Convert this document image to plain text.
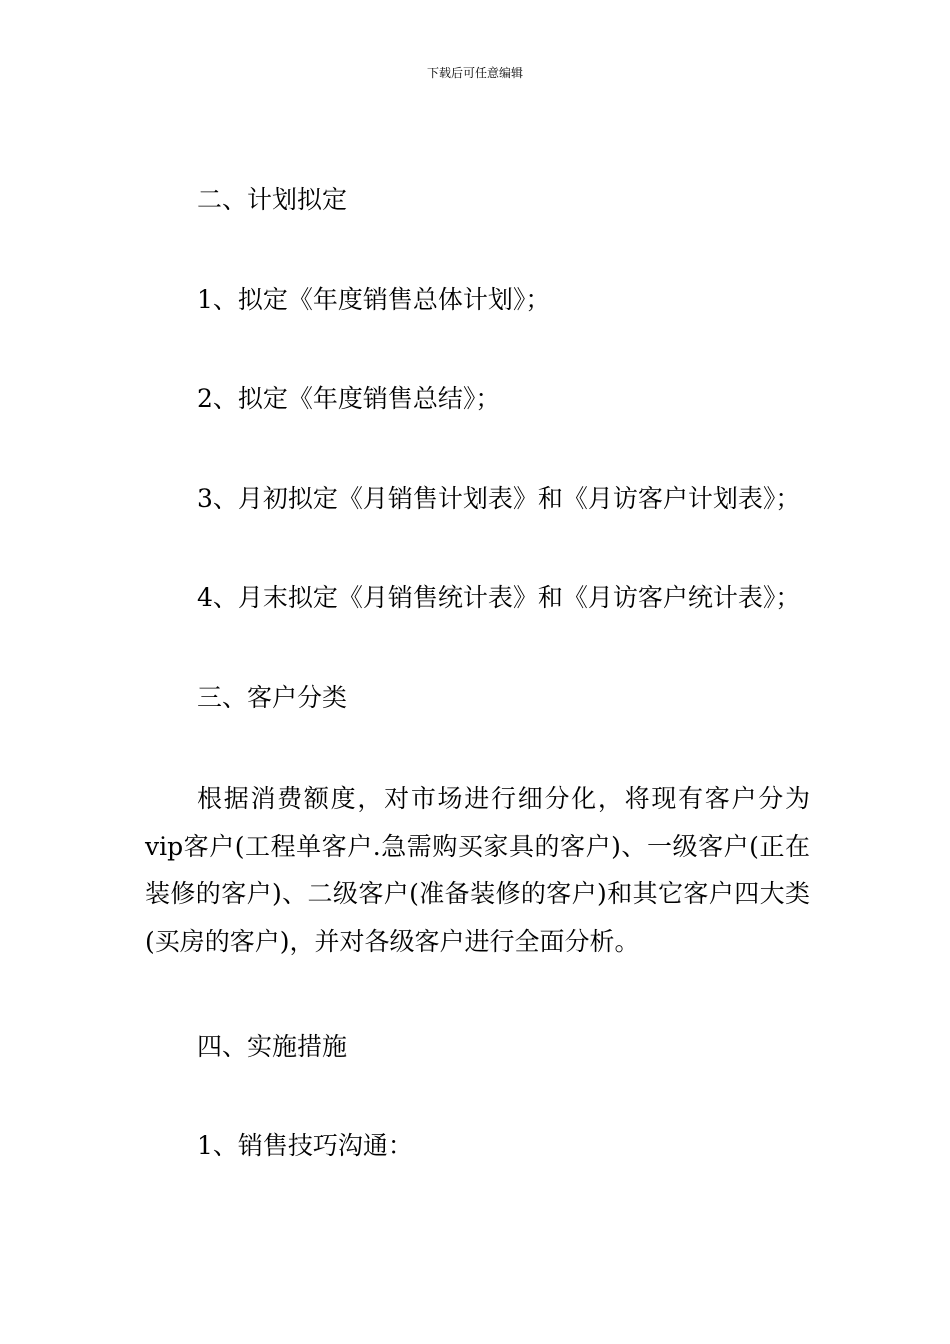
下载后可任意编辑
二、计划拟定
1、拟定《年度销售总体计划》；
2、拟定《年度销售总结》；
3、月初拟定《月销售计划表》和《月访客户计划表》；
4、月末拟定《月销售统计表》和《月访客户统计表》；
三、客户分类
根据消费额度，对市场进行细分化，将现有客户分为vip客户(工程单客户.急需购买家具的客户)、一级客户(正在装修的客户)、二级客户(准备装修的客户)和其它客户四大类(买房的客户)，并对各级客户进行全面分析。
四、实施措施
1、销售技巧沟通：
